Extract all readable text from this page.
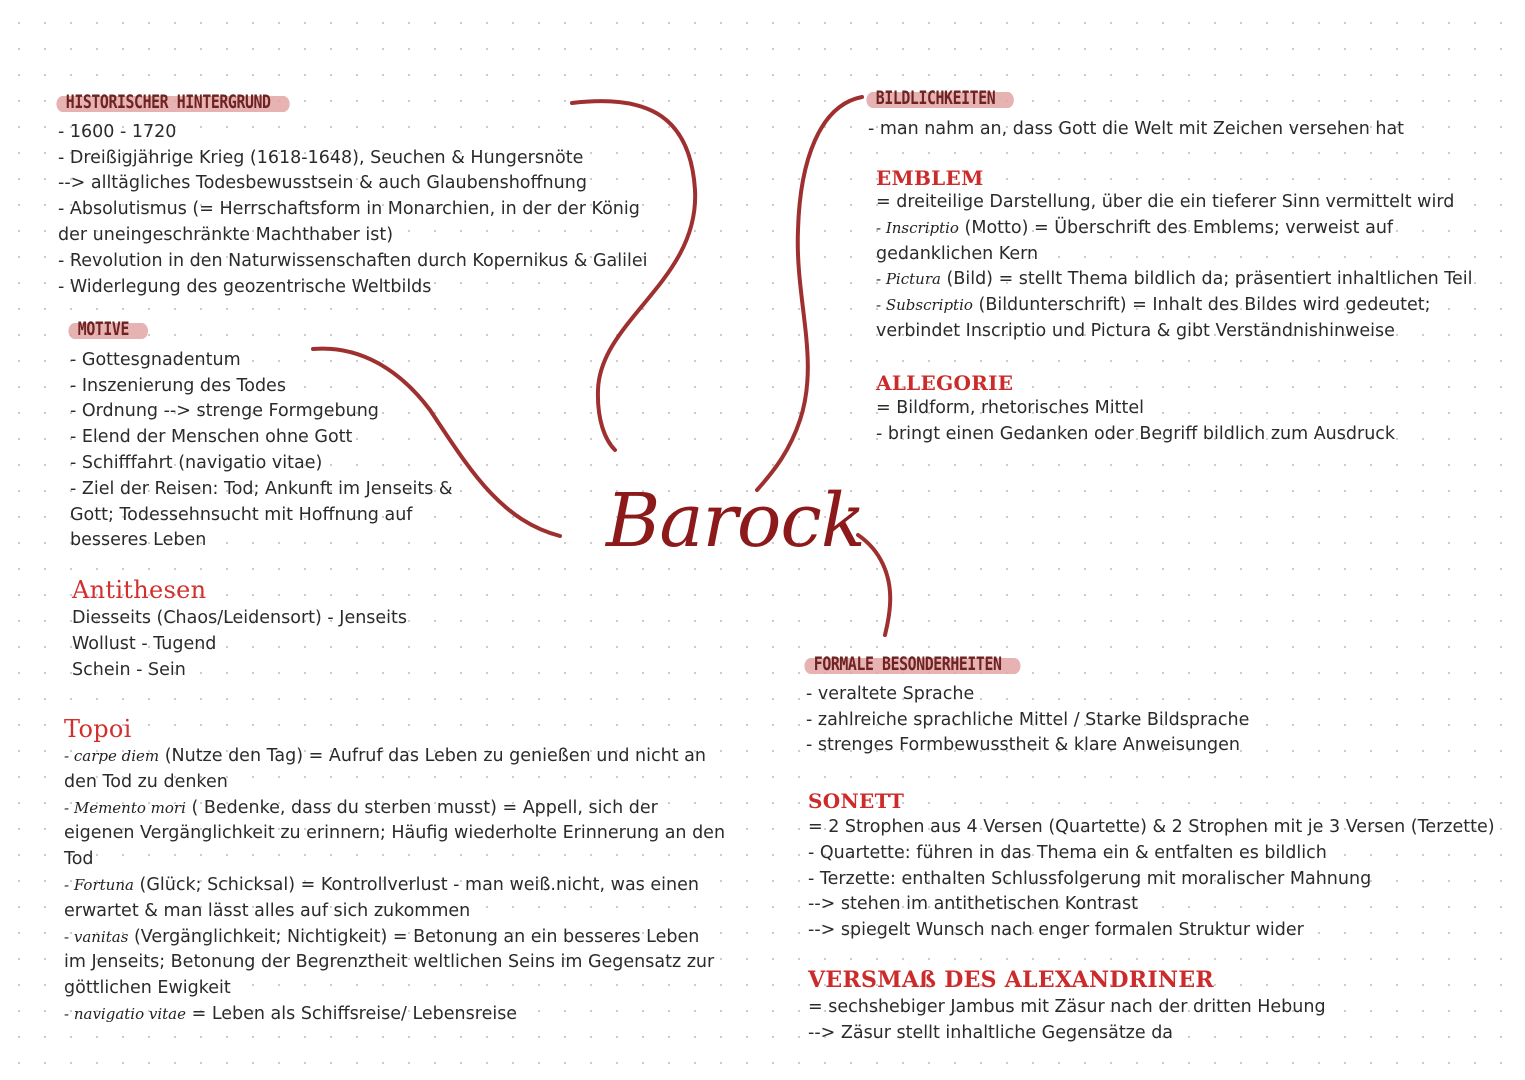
Barock
HISTORISCHER HINTERGRUND
- 1600 - 1720
- Dreißigjährige Krieg (1618-1648), Seuchen & Hungersnöte
--> alltägliches Todesbewusstsein & auch Glaubenshoffnung
- Absolutismus (= Herrschaftsform in Monarchien, in der der König
der uneingeschränkte Machthaber ist)
- Revolution in den Naturwissenschaften durch Kopernikus & Galilei
- Widerlegung des geozentrische Weltbilds
MOTIVE
- Gottesgnadentum
- Inszenierung des Todes
- Ordnung --> strenge Formgebung
- Elend der Menschen ohne Gott
- Schifffahrt (navigatio vitae)
- Ziel der Reisen: Tod; Ankunft im Jenseits &
Gott; Todessehnsucht mit Hoffnung auf
besseres Leben
Antithesen
Diesseits (Chaos/Leidensort) - Jenseits
Wollust - Tugend
Schein - Sein
Topoi
- carpe diem (Nutze den Tag) = Aufruf das Leben zu genießen und nicht an
den Tod zu denken
- Memento mori ( Bedenke, dass du sterben musst) = Appell, sich der
eigenen Vergänglichkeit zu erinnern; Häufig wiederholte Erinnerung an den
Tod
- Fortuna (Glück; Schicksal) = Kontrollverlust - man weiß.nicht, was einen
erwartet & man lässt alles auf sich zukommen
- vanitas (Vergänglichkeit; Nichtigkeit) = Betonung an ein besseres Leben
im Jenseits; Betonung der Begrenztheit weltlichen Seins im Gegensatz zur
göttlichen Ewigkeit
- navigatio vitae = Leben als Schiffsreise/ Lebensreise
BILDLICHKEITEN
- man nahm an, dass Gott die Welt mit Zeichen versehen hat
EMBLEM
= dreiteilige Darstellung, über die ein tieferer Sinn vermittelt wird
- Inscriptio (Motto) = Überschrift des Emblems; verweist auf
gedanklichen Kern
- Pictura (Bild) = stellt Thema bildlich da; präsentiert inhaltlichen Teil
- Subscriptio (Bildunterschrift) = Inhalt des Bildes wird gedeutet;
verbindet Inscriptio und Pictura & gibt Verständnishinweise
ALLEGORIE
= Bildform, rhetorisches Mittel
- bringt einen Gedanken oder Begriff bildlich zum Ausdruck
FORMALE BESONDERHEITEN
- veraltete Sprache
- zahlreiche sprachliche Mittel / Starke Bildsprache
- strenges Formbewusstheit & klare Anweisungen
SONETT
= 2 Strophen aus 4 Versen (Quartette) & 2 Strophen mit je 3 Versen (Terzette)
- Quartette: führen in das Thema ein & entfalten es bildlich
- Terzette: enthalten Schlussfolgerung mit moralischer Mahnung
--> stehen im antithetischen Kontrast
--> spiegelt Wunsch nach enger formalen Struktur wider
VERSMAß DES ALEXANDRINER
= sechshebiger Jambus mit Zäsur nach der dritten Hebung
--> Zäsur stellt inhaltliche Gegensätze da
